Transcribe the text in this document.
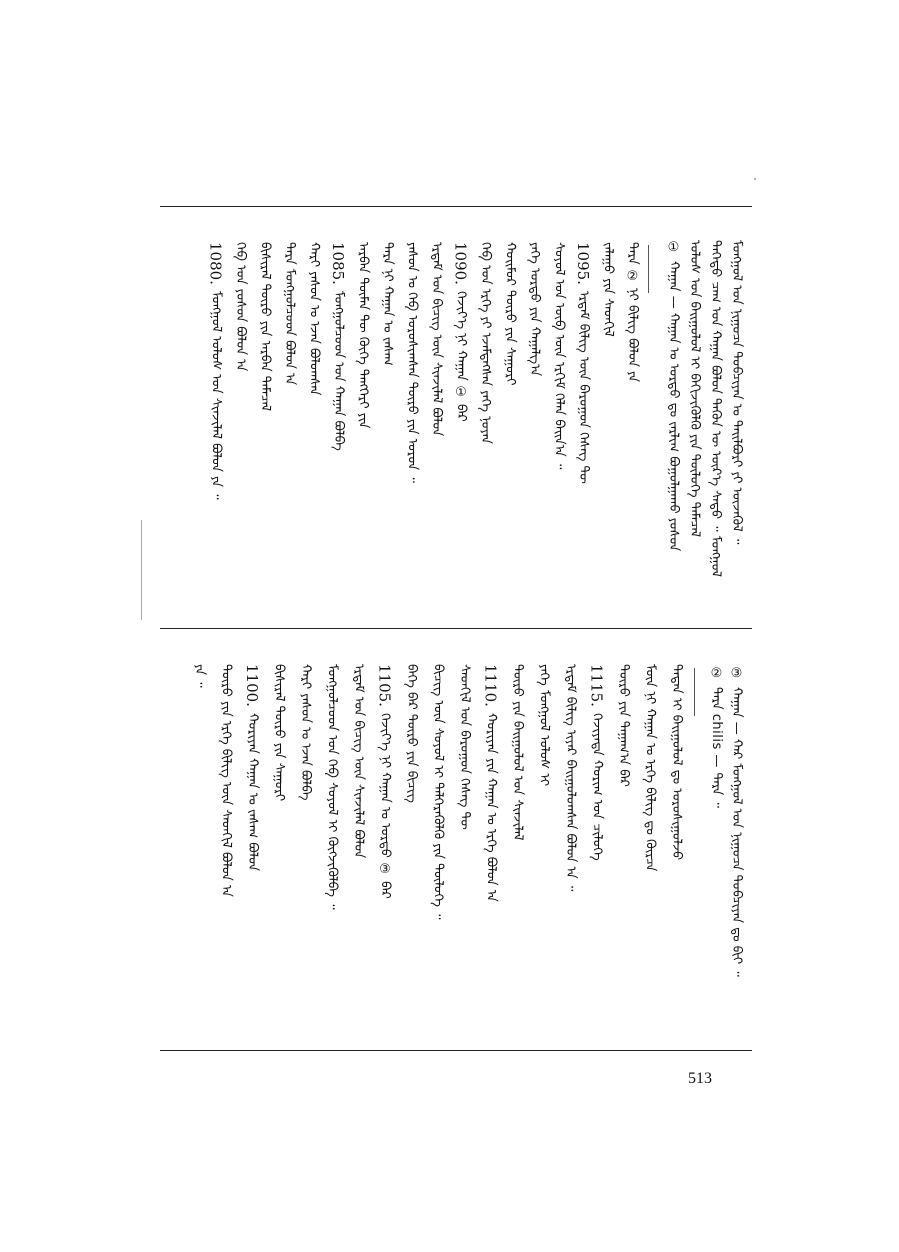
ᠮᠣᠩᠭᠣᠯ ᠤᠨ ᠨᠢᠭᠤᠴᠠ ᠲᠣᠪᠴᠢᠶᠠᠨ ᠎ᠤ ᠲᠠᠢᠯᠪᠤᠷᠢ ᠶᠢ ᠦᠵᠡᠭᠦᠯ ᠃
ᠳᠡᠭᠡᠳᠦ ᠴᠠᠭ ᠤᠨ ᠬᠠᠭᠠᠨ ᠪᠣᠯᠤᠨ ᠲᠡᠭᠦᠨ ᠦ ᠦᠷ᠎ᠡ ᠰᠠᠳᠤ ᠃ ᠮᠣᠩᠭᠣᠯ
ᠤᠯᠤᠰ ᠤᠨ ᠪᠠᠢᠭᠤᠯᠤᠯ ᠢ ᠪᠡᠬᠢᠵᠢᠭᠦᠯᠬᠦ ᠶᠢᠨ ᠲᠥᠯᠥᠭᠡ ᠲᠡᠮᠡᠴᠡᠯ
①ᠬᠠᠭᠠᠨ — ᠬᠠᠭᠠᠨ ᠤ ᠣᠷᠳᠣ ᠳᠤ ᠵᠠᠷᠯᠢᠭ ᠪᠤᠭᠤᠯᠭᠠᠬᠤ ᠶᠣᠰᠣᠨ
ᠲᠡᠷᠡ ② ᠨᠢ ᠪᠢᠯᠢᠭ ᠪᠣᠯᠤᠨ ᠶᠠ
ᠵᠠᠯᠠᠭᠤ ᠶᠢᠨ ᠰᠡᠳᠬᠢᠯ
1095.ᠡᠷᠳᠡᠮ ᠪᠢᠯᠢᠭ ᠦᠨ ᠪᠠᠷᠤᠭᠤᠨ ᠬᠡᠰᠡᠭ ᠲᠦ
ᠰᠣᠶᠣᠯ ᠤᠨ ᠦᠪ ᠦᠨ ᠡᠷᠬᠢᠮ ᠬᠡᠯᠡᠨ ᠪᠠᠢᠨ᠎ᠠ ᠃
ᠶᠡᠬᠡ ᠣᠷᠳᠤ ᠶᠢᠨ ᠬᠠᠭᠠᠯᠭ᠎ᠠ
ᠬᠣᠢᠮᠣᠷ ᠲᠥᠷᠦ ᠶᠢᠨ ᠰᠠᠭᠤᠷᠢ
ᠬᠡᠪ ᠤᠨ ᠡᠷᠬᠡ ᠶᠢ ᠡᠵᠡᠮᠳᠡᠭᠰᠡᠨ ᠶᠡᠬᠡ ᠨᠣᠶᠠᠨ
1090.ᠬᠡᠵᠢᠶ᠎ᠡ ᠨᠢ ᠬᠠᠭᠠᠨ ① ᠪᠠᠷ
ᠡᠷᠳᠡᠮ ᠤᠨ ᠪᠢᠴᠢᠭ ᠦᠨ ᠰᠢᠨᠵᠢᠯᠡᠯ ᠪᠣᠯᠤᠨ
ᠶᠠᠰᠤᠨ ᠤ ᠬᠡᠪ ᠣᠷᠣᠰᠢᠭᠰᠠᠨ ᠲᠥᠷᠥ ᠶᠢᠨ ᠣᠷᠣᠨ ᠃
ᠲᠡᠷᠡ ᠨᠢ ᠬᠠᠭᠠᠨ ᠤ ᠵᠠᠰᠠᠭ
ᠠᠷᠪᠠᠨ ᠲᠦᠮᠡᠨ ᠲᠦ ᠬᠥᠬᠡ ᠲᠡᠩᠭᠡᠷᠢ ᠶᠢᠨ
1085.ᠮᠣᠩᠭᠣᠯᠴᠤᠳ ᠤᠨ ᠬᠠᠭᠠᠨ ᠪᠣᠯᠪᠠ
ᠬᠠᠷᠢ ᠶᠠᠰᠤᠨ ᠤ ᠡᠵᠡᠨ ᠪᠣᠯᠤᠭᠰᠠᠨ
ᠲᠡᠷᠡ ᠮᠣᠩᠭᠣᠯᠴᠤᠳ ᠪᠣᠯᠤᠨ ᠠ
ᠪᠢᠰᠢᠷᠡᠯ ᠲᠥᠷᠥ ᠶᠢᠨ ᠠᠷᠪᠠᠨ ᠲᠡᠮᠡᠴᠡᠯ
ᠬᠡᠪ ᠤᠨ ᠶᠣᠰᠣᠨ ᠪᠣᠯᠤᠨ ᠠ
1080.ᠮᠣᠩᠭᠣᠯ ᠤᠯᠤᠰ ᠤᠨ ᠰᠢᠨᠵᠢᠯᠡᠯ ᠪᠣᠯᠤᠨ ᠶᠠ ᠃
③ᠬᠠᠭᠠᠨ — ᠬᠠᠷ ᠮᠣᠩᠭᠣᠯ ᠤᠨ ᠨᠢᠭᠤᠴᠠ ᠲᠣᠪᠴᠢᠶᠠᠨ ᠳᠤ ᠪᠢᠢ ᠃
②ᠲᠡᠷᠡ chilis — ᠲᠡᠷᠡ ᠃
ᠲᠡᠳᠡᠨ ᠢ ᠪᠠᠢᠭᠤᠯᠤᠯ ᠳᠤ ᠣᠷᠣᠰᠢᠭᠤᠯᠵᠤ
ᠮᠥᠨ ᠨᠢ ᠬᠠᠭᠠᠨ ᠤ ᠡᠷᠬᠡ ᠪᠢᠯᠢᠭ ᠳᠤ ᠬᠦᠷᠴᠡ
ᠲᠥᠷᠥ ᠶᠢᠨ ᠳᠠᠭᠠᠭ᠎ᠠ ᠪᠠᠷ
1115.ᠬᠡᠵᠢᠶᠡᠳᠡ ᠬᠣᠷᠢᠭ ᠤᠨ ᠴᠢᠯᠦᠭᠡ
ᠡᠷᠳᠡᠮ ᠪᠢᠯᠢᠭ ᠢᠶᠡᠷ ᠪᠠᠢᠭᠤᠯᠤᠭᠰᠠᠨ ᠪᠣᠯᠤᠨ ᠠ ᠃
ᠶᠡᠬᠡ ᠮᠣᠩᠭᠣᠯ ᠤᠯᠤᠰ ᠢ
ᠲᠥᠷᠥ ᠶᠢᠨ ᠪᠠᠢᠭᠤᠯᠤᠯ ᠤᠨ ᠰᠢᠨᠵᠢᠯᠡᠯ
1110.ᠬᠣᠷᠢᠶᠠᠨ ᠶᠢᠨ ᠬᠠᠭᠠᠨ ᠤ ᠡᠷᠬᠡ ᠪᠣᠯᠤᠨ ᠠ
ᠰᠡᠳᠬᠢᠯ ᠤᠨ ᠪᠠᠷᠤᠭᠤᠨ ᠬᠡᠰᠡᠭ ᠲᠦ
ᠪᠢᠴᠢᠭ ᠦᠨ ᠰᠣᠶᠣᠯ ᠢ ᠲᠡᠯᠭᠡᠷᠡᠭᠦᠯᠬᠦ ᠶᠢᠨ ᠲᠥᠯᠥᠭᠡ ᠃
ᠪᠡᠭᠡ ᠪᠠᠷ ᠲᠥᠷᠥ ᠶᠢᠨ ᠪᠢᠴᠢᠭ
1105.ᠬᠡᠵᠢᠶ᠎ᠡ ᠨᠢ ᠬᠠᠭᠠᠨ ᠤ ᠣᠷᠳᠤ ③ ᠪᠠᠷ
ᠡᠷᠳᠡᠮ ᠤᠨ ᠪᠢᠴᠢᠭ ᠦᠨ ᠰᠢᠨᠵᠢᠯᠡᠯ ᠪᠣᠯᠤᠨ
ᠮᠣᠩᠭᠣᠯᠴᠤᠳ ᠤᠨ ᠬᠡᠪ ᠰᠣᠶᠣᠯ ᠢ ᠬᠥᠭᠵᠢᠭᠦᠯᠪᠡ ᠃
ᠬᠠᠷᠢ ᠶᠠᠰᠤᠨ ᠤ ᠡᠵᠡᠨ ᠪᠣᠯᠪᠠ
ᠪᠢᠰᠢᠷᠡᠯ ᠲᠥᠷᠥ ᠶᠢᠨ ᠰᠠᠭᠤᠷᠢ
1100.ᠬᠣᠷᠢᠶᠠᠨ ᠬᠠᠭᠠᠨ ᠤ ᠵᠠᠰᠠᠭ ᠪᠣᠯᠤᠨ
ᠲᠥᠷᠥ ᠶᠢᠨ ᠡᠷᠬᠡ ᠪᠢᠯᠢᠭ ᠦᠨ ᠰᠡᠳᠬᠢᠯ ᠪᠣᠯᠤᠨ ᠠ
ᠶᠠ ᠃
513
